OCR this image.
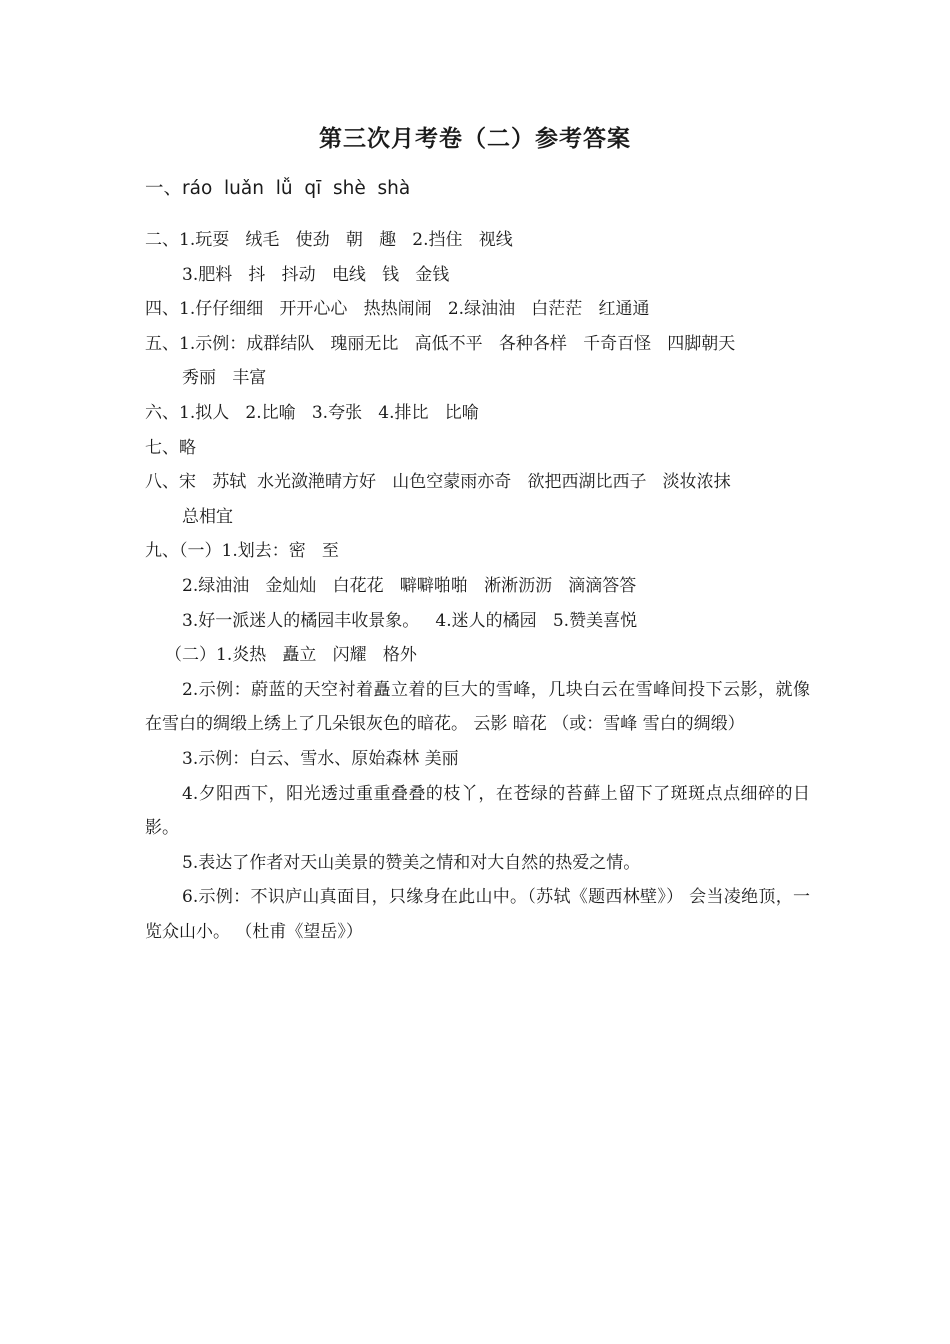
第三次月考卷（二）参考答案
一、ráo  luǎn  lǚ  qī  shè  shà
二、1.玩耍   绒毛   使劲   朝   趣   2.挡住   视线
3.肥料   抖   抖动   电线   钱   金钱
四、1.仔仔细细   开开心心   热热闹闹   2.绿油油   白茫茫   红通通
五、1.示例：成群结队   瑰丽无比   高低不平   各种各样   千奇百怪   四脚朝天
秀丽   丰富
六、1.拟人   2.比喻   3.夸张   4.排比   比喻
七、略
八、宋   苏轼  水光潋滟晴方好   山色空蒙雨亦奇   欲把西湖比西子   淡妆浓抹
总相宜
九、（一）1.划去：密   至
2.绿油油   金灿灿   白花花   噼噼啪啪   淅淅沥沥   滴滴答答
3.好一派迷人的橘园丰收景象。   4.迷人的橘园   5.赞美喜悦
（二）1.炎热   矗立   闪耀   格外
2.示例：蔚蓝的天空衬着矗立着的巨大的雪峰，几块白云在雪峰间投下云影，就像在雪白的绸缎上绣上了几朵银灰色的暗花。 云影 暗花 （或：雪峰 雪白的绸缎）
3.示例：白云、雪水、原始森林 美丽
4.夕阳西下，阳光透过重重叠叠的枝丫，在苍绿的苔藓上留下了斑斑点点细碎的日影。
5.表达了作者对天山美景的赞美之情和对大自然的热爱之情。
6.示例：不识庐山真面目，只缘身在此山中。（苏轼《题西林壁》） 会当凌绝顶，一览众山小。 （杜甫《望岳》）
